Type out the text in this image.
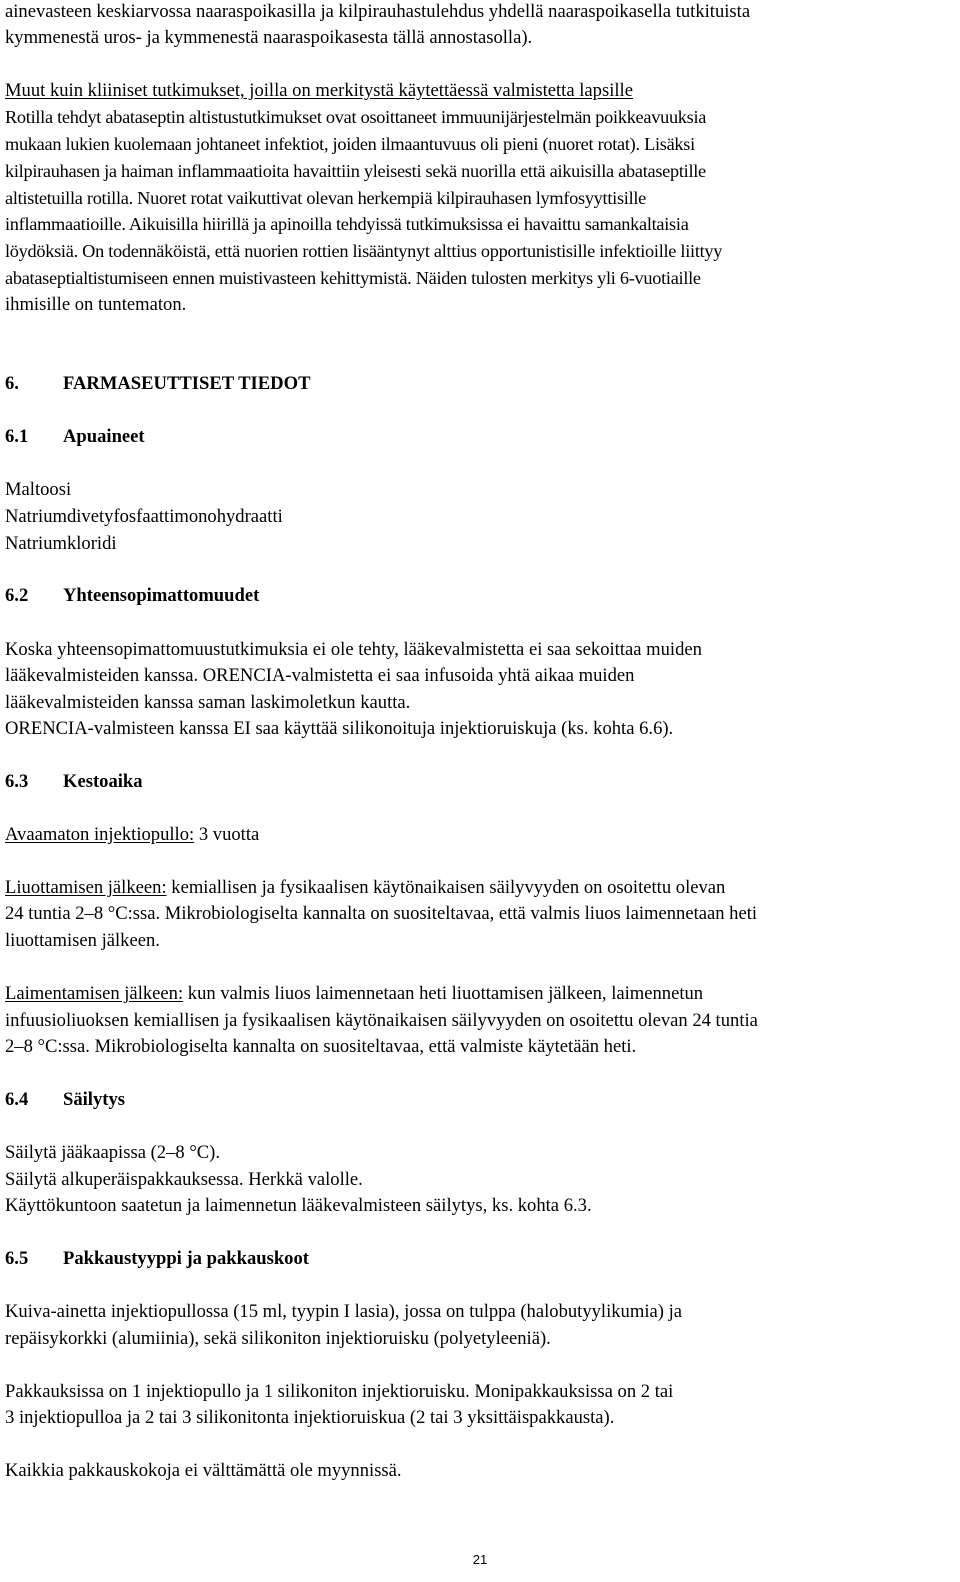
ainevasteen keskiarvossa naaraspoikasilla ja kilpirauhastulehdus yhdellä naaraspoikasella tutkituista
kymmenestä uros- ja kymmenestä naaraspoikasesta tällä annostasolla).
Muut kuin kliiniset tutkimukset, joilla on merkitystä käytettäessä valmistetta lapsille
Rotilla tehdyt abataseptin altistustutkimukset ovat osoittaneet immuunijärjestelmän poikkeavuuksia
mukaan lukien kuolemaan johtaneet infektiot, joiden ilmaantuvuus oli pieni (nuoret rotat). Lisäksi
kilpirauhasen ja haiman inflammaatioita havaittiin yleisesti sekä nuorilla että aikuisilla abataseptille
altistetuilla rotilla. Nuoret rotat vaikuttivat olevan herkempiä kilpirauhasen lymfosyyttisille
inflammaatioille. Aikuisilla hiirillä ja apinoilla tehdyissä tutkimuksissa ei havaittu samankaltaisia
löydöksiä. On todennäköistä, että nuorien rottien lisääntynyt alttius opportunistisille infektioille liittyy
abataseptialtistumiseen ennen muistivasteen kehittymistä. Näiden tulosten merkitys yli 6-vuotiaille
ihmisille on tuntematon.
6. FARMASEUTTISET TIEDOT
6.1 Apuaineet
Maltoosi
Natriumdivetyfosfaattimonohydraatti
Natriumkloridi
6.2 Yhteensopimattomuudet
Koska yhteensopimattomuustutkimuksia ei ole tehty, lääkevalmistetta ei saa sekoittaa muiden
lääkevalmisteiden kanssa. ORENCIA-valmistetta ei saa infusoida yhtä aikaa muiden
lääkevalmisteiden kanssa saman laskimoletkun kautta.
ORENCIA-valmisteen kanssa EI saa käyttää silikonoituja injektioruiskuja (ks. kohta 6.6).
6.3 Kestoaika
Avaamaton injektiopullo: 3 vuotta
Liuottamisen jälkeen: kemiallisen ja fysikaalisen käytönaikaisen säilyvyyden on osoitettu olevan
24 tuntia 2–8 °C:ssa. Mikrobiologiselta kannalta on suositeltavaa, että valmis liuos laimennetaan heti
liuottamisen jälkeen.
Laimentamisen jälkeen: kun valmis liuos laimennetaan heti liuottamisen jälkeen, laimennetun
infuusioliuoksen kemiallisen ja fysikaalisen käytönaikaisen säilyvyyden on osoitettu olevan 24 tuntia
2–8 °C:ssa. Mikrobiologiselta kannalta on suositeltavaa, että valmiste käytetään heti.
6.4 Säilytys
Säilytä jääkaapissa (2–8 °C).
Säilytä alkuperäispakkauksessa. Herkkä valolle.
Käyttökuntoon saatetun ja laimennetun lääkevalmisteen säilytys, ks. kohta 6.3.
6.5 Pakkaustyyppi ja pakkauskoot
Kuiva-ainetta injektiopullossa (15 ml, tyypin I lasia), jossa on tulppa (halobutyylikumia) ja
repäisykorkki (alumiinia), sekä silikoniton injektioruisku (polyetyleeniä).
Pakkauksissa on 1 injektiopullo ja 1 silikoniton injektioruisku. Monipakkauksissa on 2 tai
3 injektiopulloa ja 2 tai 3 silikonitonta injektioruiskua (2 tai 3 yksittäispakkausta).
Kaikkia pakkauskokoja ei välttämättä ole myynnissä.
21
